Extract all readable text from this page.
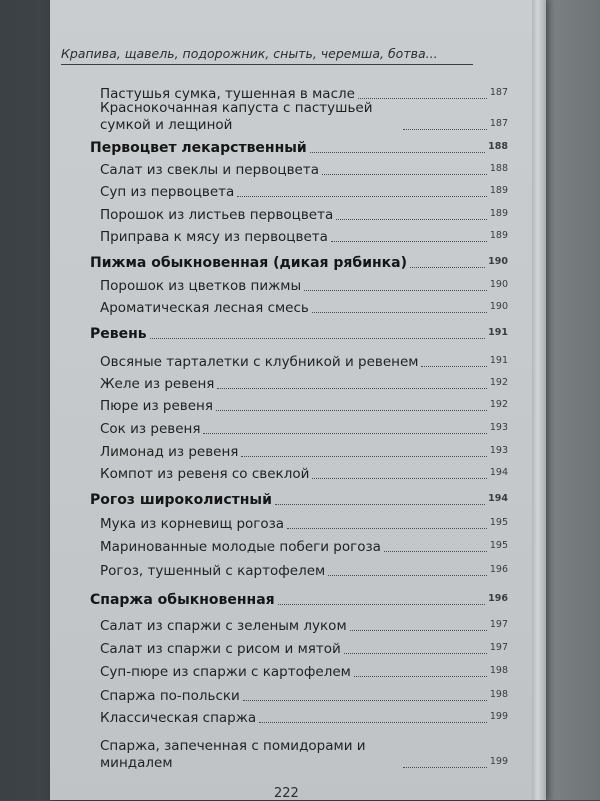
Крапива, щавель, подорожник, сныть, черемша, ботва...
Пастушья сумка, тушенная в масле	187
Краснокочанная капуста с пастушьей сумкой и лещиной	187
Первоцвет лекарственный	188
Салат из свеклы и первоцвета	188
Суп из первоцвета	189
Порошок из листьев первоцвета	189
Приправа к мясу из первоцвета	189
Пижма обыкновенная (дикая рябинка)	190
Порошок из цветков пижмы	190
Ароматическая лесная смесь	190
Ревень	191
Овсяные тарталетки с клубникой и ревенем	191
Желе из ревеня	192
Пюре из ревеня	192
Сок из ревеня	193
Лимонад из ревеня	193
Компот из ревеня со свеклой	194
Рогоз широколистный	194
Мука из корневищ рогоза	195
Маринованные молодые побеги рогоза	195
Рогоз, тушенный с картофелем	196
Спаржа обыкновенная	196
Салат из спаржи с зеленым луком	197
Салат из спаржи с рисом и мятой	197
Суп-пюре из спаржи с картофелем	198
Спаржа по-польски	198
Классическая спаржа	199
Спаржа, запеченная с помидорами и миндалем	199
222
